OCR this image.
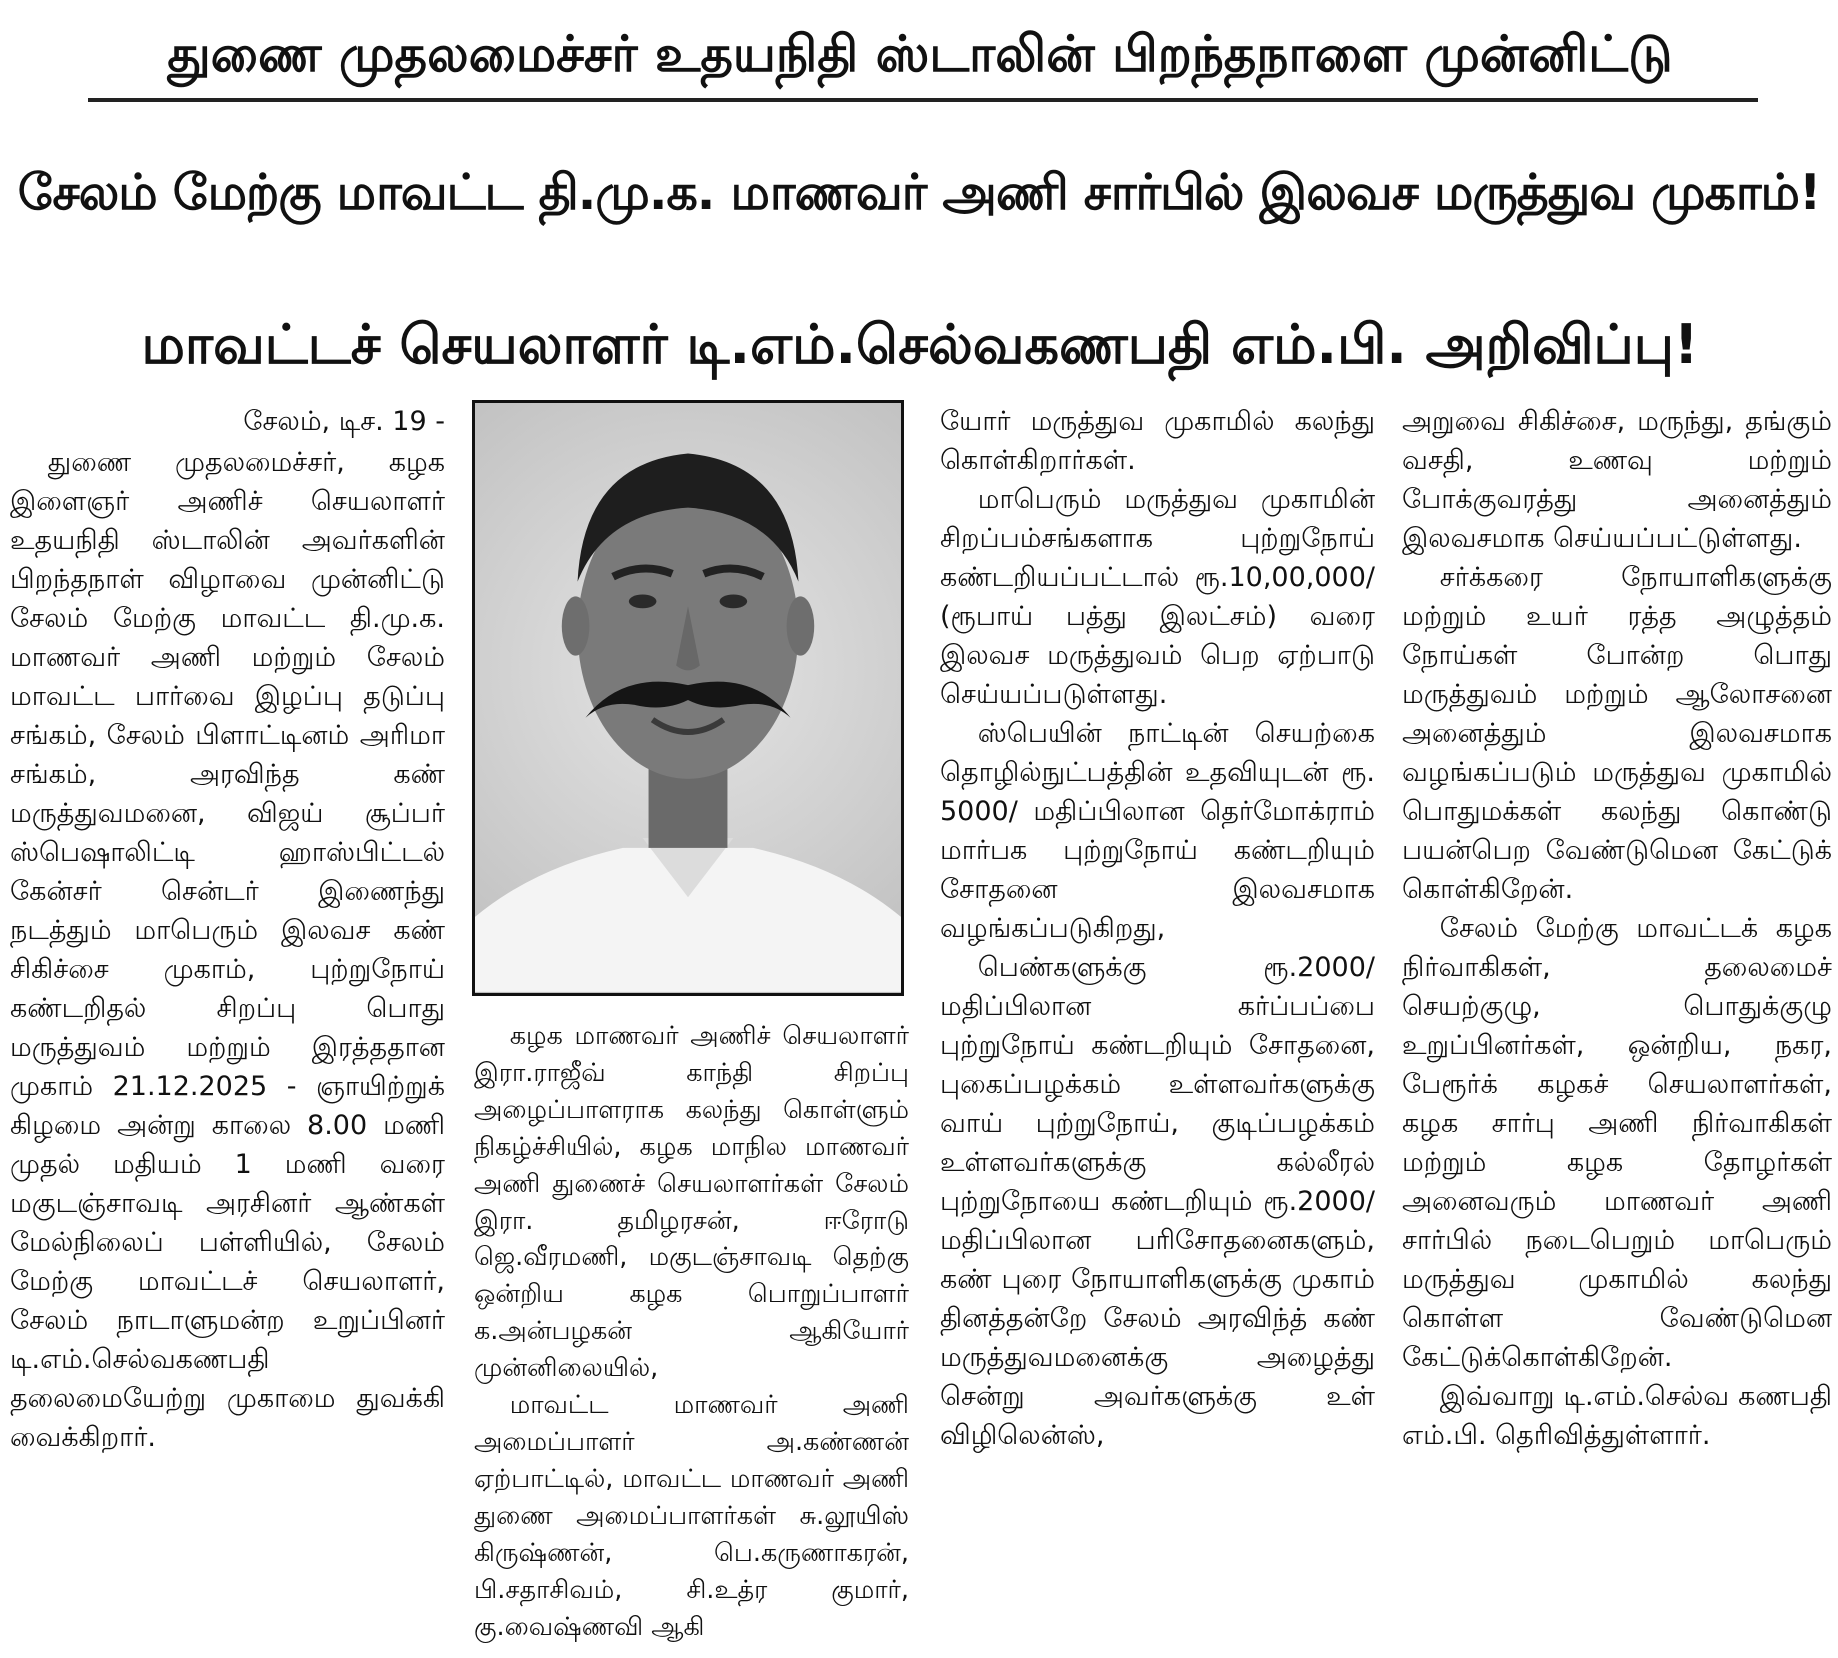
துணை முதலமைச்சர் உதயநிதி ஸ்டாலின் பிறந்தநாளை முன்னிட்டு
சேலம் மேற்கு மாவட்ட தி.மு.க. மாணவர் அணி சார்பில் இலவச மருத்துவ முகாம்!
மாவட்டச் செயலாளர் டி.எம்.செல்வகணபதி எம்.பி. அறிவிப்பு!

சேலம், டிச. 19 -

துணை முதலமைச்சர், கழக இளைஞர் அணிச் செயலாளர் உதயநிதி ஸ்டாலின் அவர்களின் பிறந்தநாள் விழாவை முன்னிட்டு சேலம் மேற்கு மாவட்ட தி.மு.க. மாணவர் அணி மற்றும் சேலம் மாவட்ட பார்வை இழப்பு தடுப்பு சங்கம், சேலம் பிளாட்டினம் அரிமா சங்கம், அரவிந்த கண் மருத்துவமனை, விஜய் சூப்பர் ஸ்பெஷாலிட்டி ஹாஸ்பிட்டல் கேன்சர் சென்டர் இணைந்து நடத்தும் மாபெரும் இலவச கண் சிகிச்சை முகாம், புற்றுநோய் கண்டறிதல் சிறப்பு பொது மருத்துவம் மற்றும் இரத்ததான முகாம் 21.12.2025 - ஞாயிற்றுக் கிழமை அன்று காலை 8.00 மணி முதல் மதியம் 1 மணி வரை மகுடஞ்சாவடி அரசினர் ஆண்கள் மேல்நிலைப் பள்ளியில், சேலம் மேற்கு மாவட்டச் செயலாளர், சேலம் நாடாளுமன்ற உறுப்பினர் டி.எம்.செல்வகணபதி தலைமையேற்று முகாமை துவக்கி வைக்கிறார்.

கழக மாணவர் அணிச் செயலாளர் இரா.ராஜீவ் காந்தி சிறப்பு அழைப்பாளராக கலந்து கொள்ளும் நிகழ்ச்சியில், கழக மாநில மாணவர் அணி துணைச் செயலாளர்கள் சேலம் இரா. தமிழரசன், ஈரோடு ஜெ.வீரமணி, மகுடஞ்சாவடி தெற்கு ஒன்றிய கழக பொறுப்பாளர் க.அன்பழகன் ஆகியோர் முன்னிலையில்,

மாவட்ட மாணவர் அணி அமைப்பாளர் அ.கண்ணன் ஏற்பாட்டில், மாவட்ட மாணவர் அணி துணை அமைப்பாளர்கள் சு.லூயிஸ் கிருஷ்ணன், பெ.கருணாகரன், பி.சதாசிவம், சி.உத்ர குமார், கு.வைஷ்ணவி ஆகி

யோர் மருத்துவ முகாமில் கலந்து கொள்கிறார்கள்.

மாபெரும் மருத்துவ முகாமின் சிறப்பம்சங்களாக புற்றுநோய் கண்டறியப்பட்டால் ரூ.10,00,000/ (ரூபாய் பத்து இலட்சம்) வரை இலவச மருத்துவம் பெற ஏற்பாடு செய்யப்படுள்ளது.

ஸ்பெயின் நாட்டின் செயற்கை தொழில்நுட்பத்தின் உதவியுடன் ரூ. 5000/ மதிப்பிலான தெர்மோக்ராம் மார்பக புற்றுநோய் கண்டறியும் சோதனை இலவசமாக வழங்கப்படுகிறது,

பெண்களுக்கு ரூ.2000/ மதிப்பிலான கர்ப்பப்பை புற்றுநோய் கண்டறியும் சோதனை, புகைப்பழக்கம் உள்ளவர்களுக்கு வாய் புற்றுநோய், குடிப்பழக்கம் உள்ளவர்களுக்கு கல்லீரல் புற்றுநோயை கண்டறியும் ரூ.2000/ மதிப்பிலான பரிசோதனைகளும், கண் புரை நோயாளிகளுக்கு முகாம் தினத்தன்றே சேலம் அரவிந்த் கண் மருத்துவமனைக்கு அழைத்து சென்று அவர்களுக்கு உள் விழிலென்ஸ்,

அறுவை சிகிச்சை, மருந்து, தங்கும் வசதி, உணவு மற்றும் போக்குவரத்து அனைத்தும் இலவசமாக செய்யப்பட்டுள்ளது.

சர்க்கரை நோயாளிகளுக்கு மற்றும் உயர் ரத்த அழுத்தம் நோய்கள் போன்ற பொது மருத்துவம் மற்றும் ஆலோசனை அனைத்தும் இலவசமாக வழங்கப்படும் மருத்துவ முகாமில் பொதுமக்கள் கலந்து கொண்டு பயன்பெற வேண்டுமென கேட்டுக் கொள்கிறேன்.

சேலம் மேற்கு மாவட்டக் கழக நிர்வாகிகள், தலைமைச் செயற்குழு, பொதுக்குழு உறுப்பினர்கள், ஒன்றிய, நகர, பேரூர்க் கழகச் செயலாளர்கள், கழக சார்பு அணி நிர்வாகிகள் மற்றும் கழக தோழர்கள் அனைவரும் மாணவர் அணி சார்பில் நடைபெறும் மாபெரும் மருத்துவ முகாமில் கலந்து கொள்ள வேண்டுமென கேட்டுக்கொள்கிறேன்.

இவ்வாறு டி.எம்.செல்வ கணபதி எம்.பி. தெரிவித்துள்ளார்.
